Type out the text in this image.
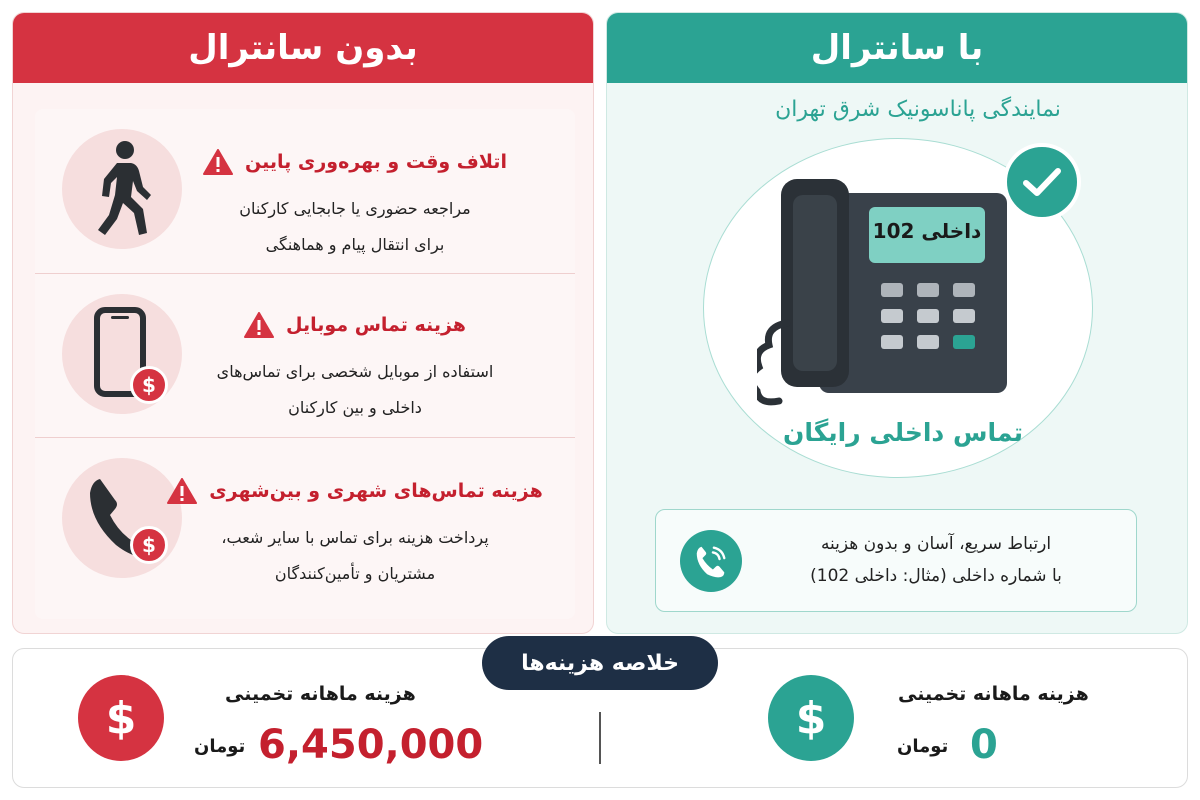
بدون سانترال
اتلاف وقت و بهره‌وری پایین
مراجعه حضوری یا جابجایی کارکنان
برای انتقال پیام و هماهنگی
$
هزینه تماس موبایل
استفاده از موبایل شخصی برای تماس‌های
داخلی و بین کارکنان
$
هزینه تماس‌های شهری و بین‌شهری
پرداخت هزینه برای تماس با سایر شعب،
مشتریان و تأمین‌کنندگان
با سانترال
نمایندگی پاناسونیک شرق تهران
داخلی 102
تماس داخلی رایگان
ارتباط سریع، آسان و بدون هزینه
با شماره داخلی (مثال: داخلی 102)
خلاصه هزینه‌ها
$	هزینه ماهانه تخمینی
تومان 6,450,000
$	هزینه ماهانه تخمینی
تومان 0
